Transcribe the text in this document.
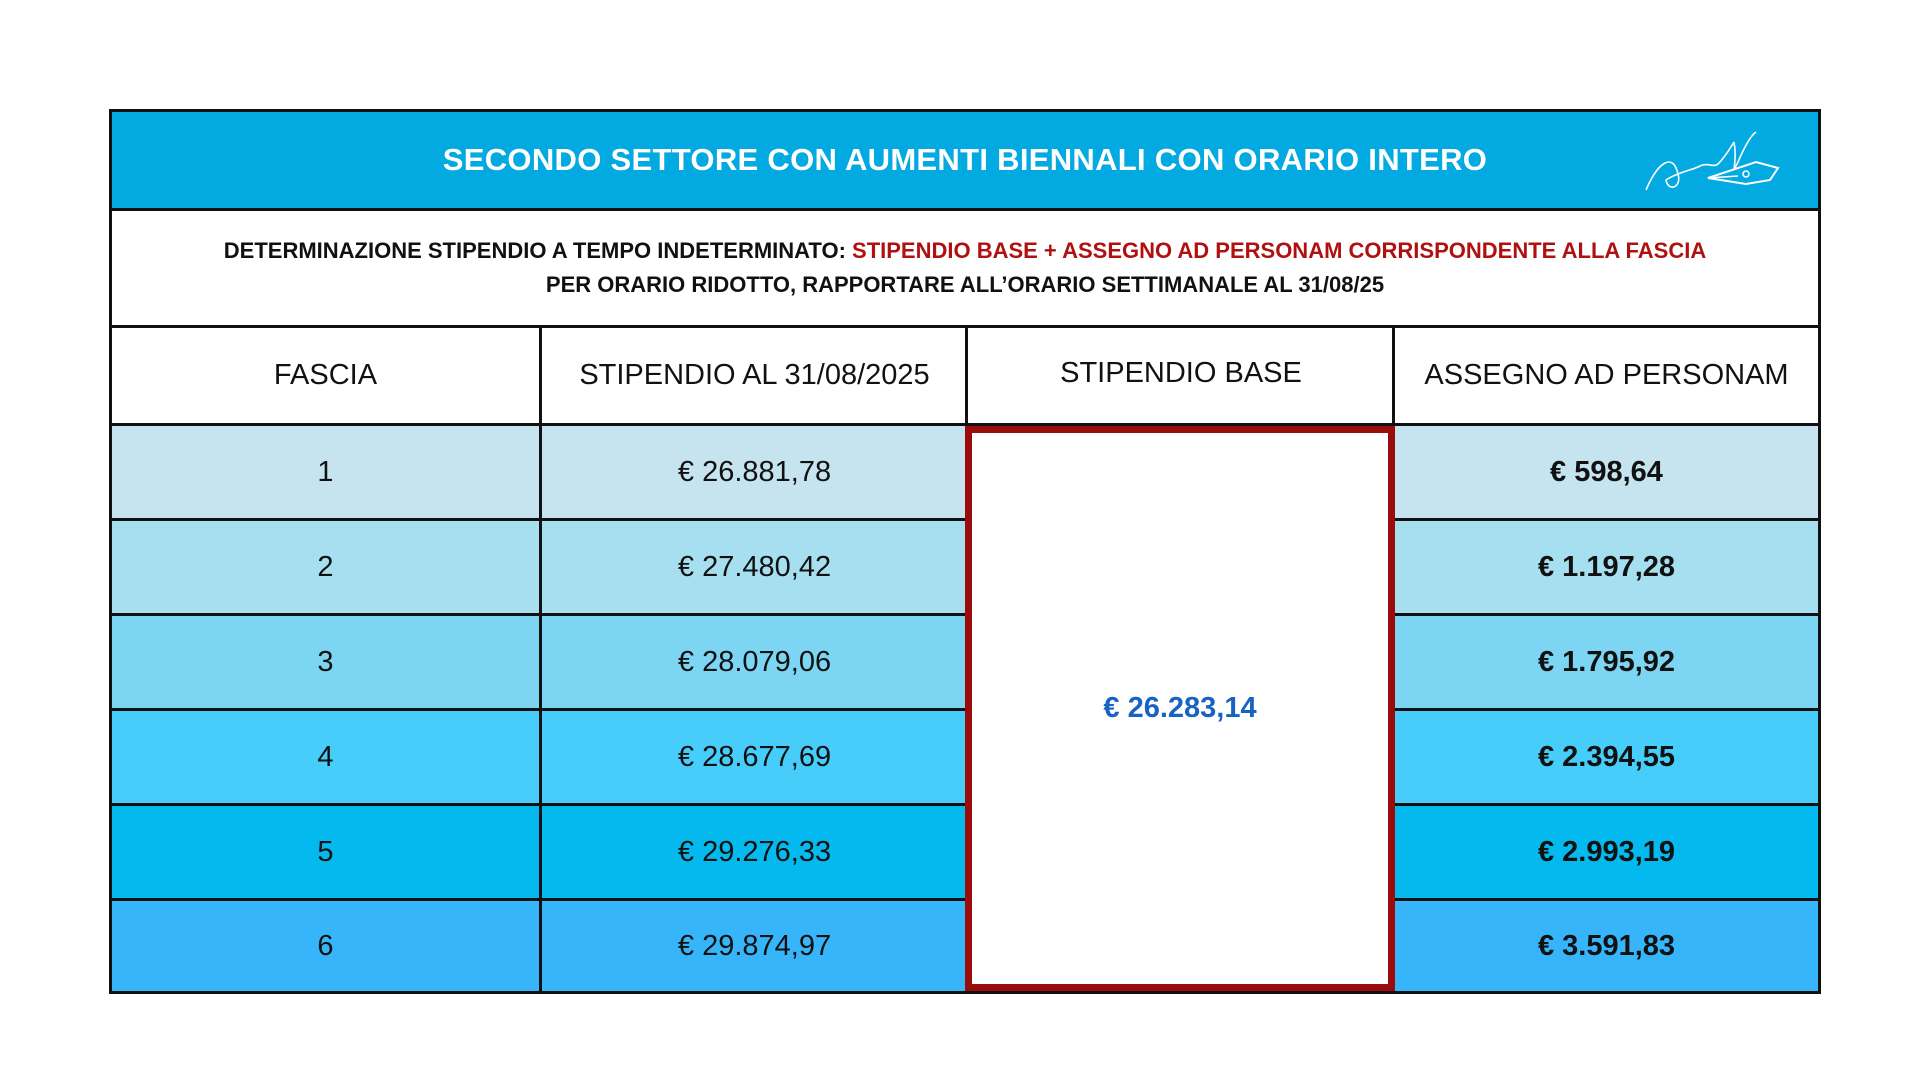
SECONDO SETTORE CON AUMENTI BIENNALI CON ORARIO INTERO
DETERMINAZIONE STIPENDIO A TEMPO INDETERMINATO: STIPENDIO BASE + ASSEGNO AD PERSONAM CORRISPONDENTE ALLA FASCIA
PER ORARIO RIDOTTO, RAPPORTARE ALL’ORARIO SETTIMANALE AL 31/08/25
FASCIA
1
2
3
4
5
6
STIPENDIO AL 31/08/2025
€ 26.881,78
€ 27.480,42
€ 28.079,06
€ 28.677,69
€ 29.276,33
€ 29.874,97
STIPENDIO BASE	ASSEGNO AD PERSONAM
€ 598,64
€ 1.197,28
€ 1.795,92
€ 2.394,55
€ 2.993,19
€ 3.591,83
€ 26.283,14
